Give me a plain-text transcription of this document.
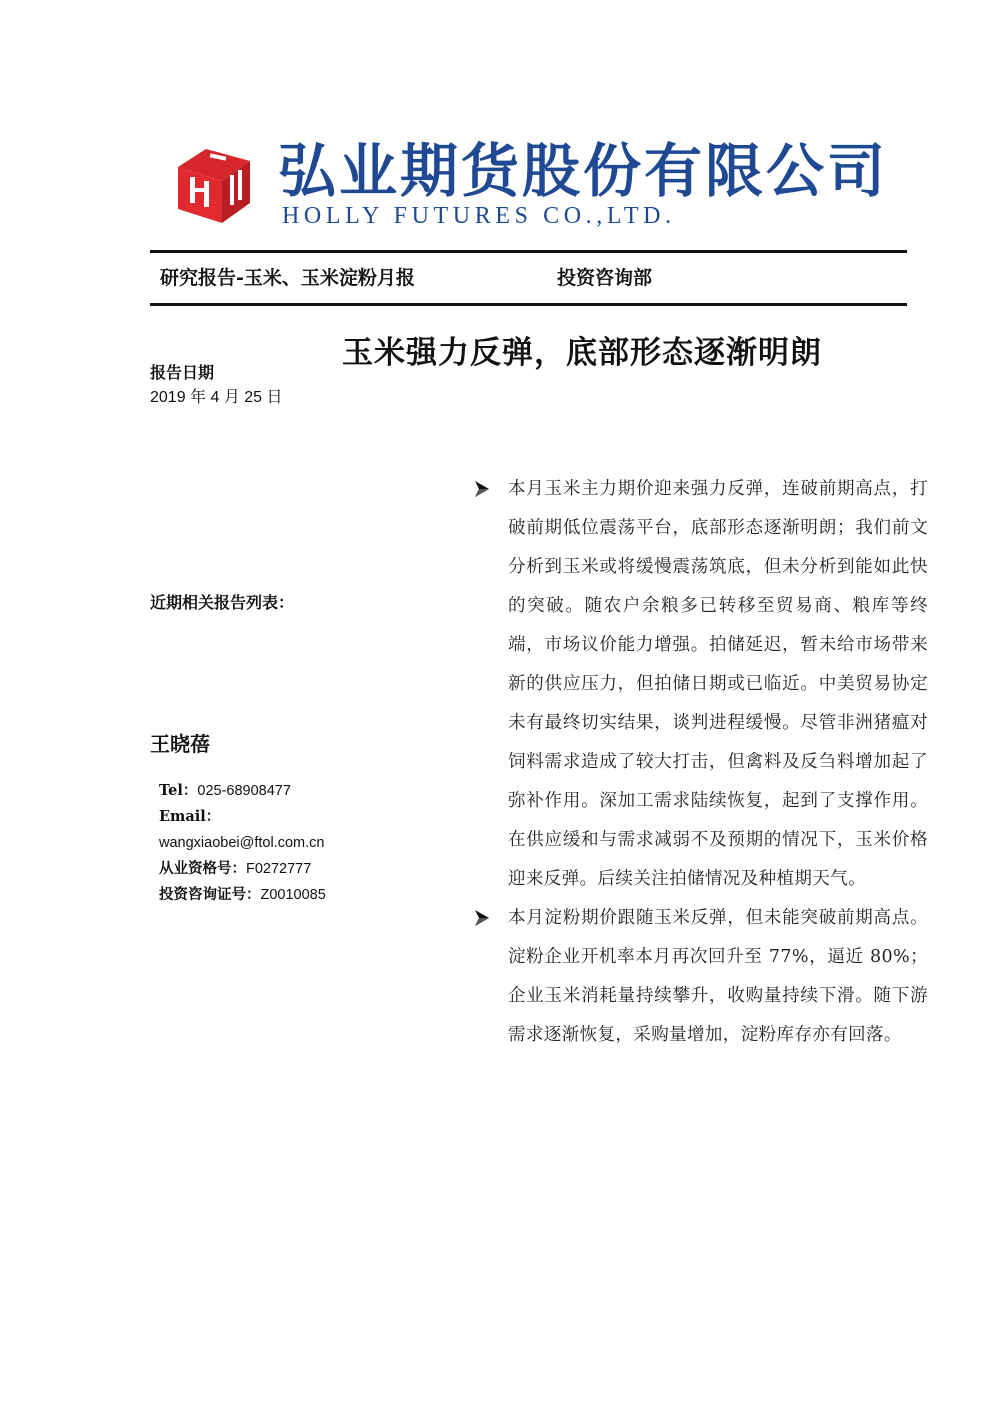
弘业期货股份有限公司
HOLLY FUTURES CO.,LTD.
研究报告-玉米、玉米淀粉月报	投资咨询部
玉米强力反弹，底部形态逐渐明朗
报告日期
2019 年 4 月 25 日
近期相关报告列表：
王晓蓓
Tel：025-68908477
Email：
wangxiaobei@ftol.com.cn
从业资格号：F0272777
投资咨询证号：Z0010085
本月玉米主力期价迎来强力反弹，连破前期高点，打破前期低位震荡平台，底部形态逐渐明朗；我们前文分析到玉米或将缓慢震荡筑底，但未分析到能如此快的突破。随农户余粮多已转移至贸易商、粮库等终端，市场议价能力增强。拍储延迟，暂未给市场带来新的供应压力，但拍储日期或已临近。中美贸易协定未有最终切实结果，谈判进程缓慢。尽管非洲猪瘟对饲料需求造成了较大打击，但禽料及反刍料增加起了弥补作用。深加工需求陆续恢复，起到了支撑作用。在供应缓和与需求减弱不及预期的情况下，玉米价格迎来反弹。后续关注拍储情况及种植期天气。
本月淀粉期价跟随玉米反弹，但未能突破前期高点。淀粉企业开机率本月再次回升至 77%，逼近 80%；企业玉米消耗量持续攀升，收购量持续下滑。随下游需求逐渐恢复，采购量增加，淀粉库存亦有回落。
